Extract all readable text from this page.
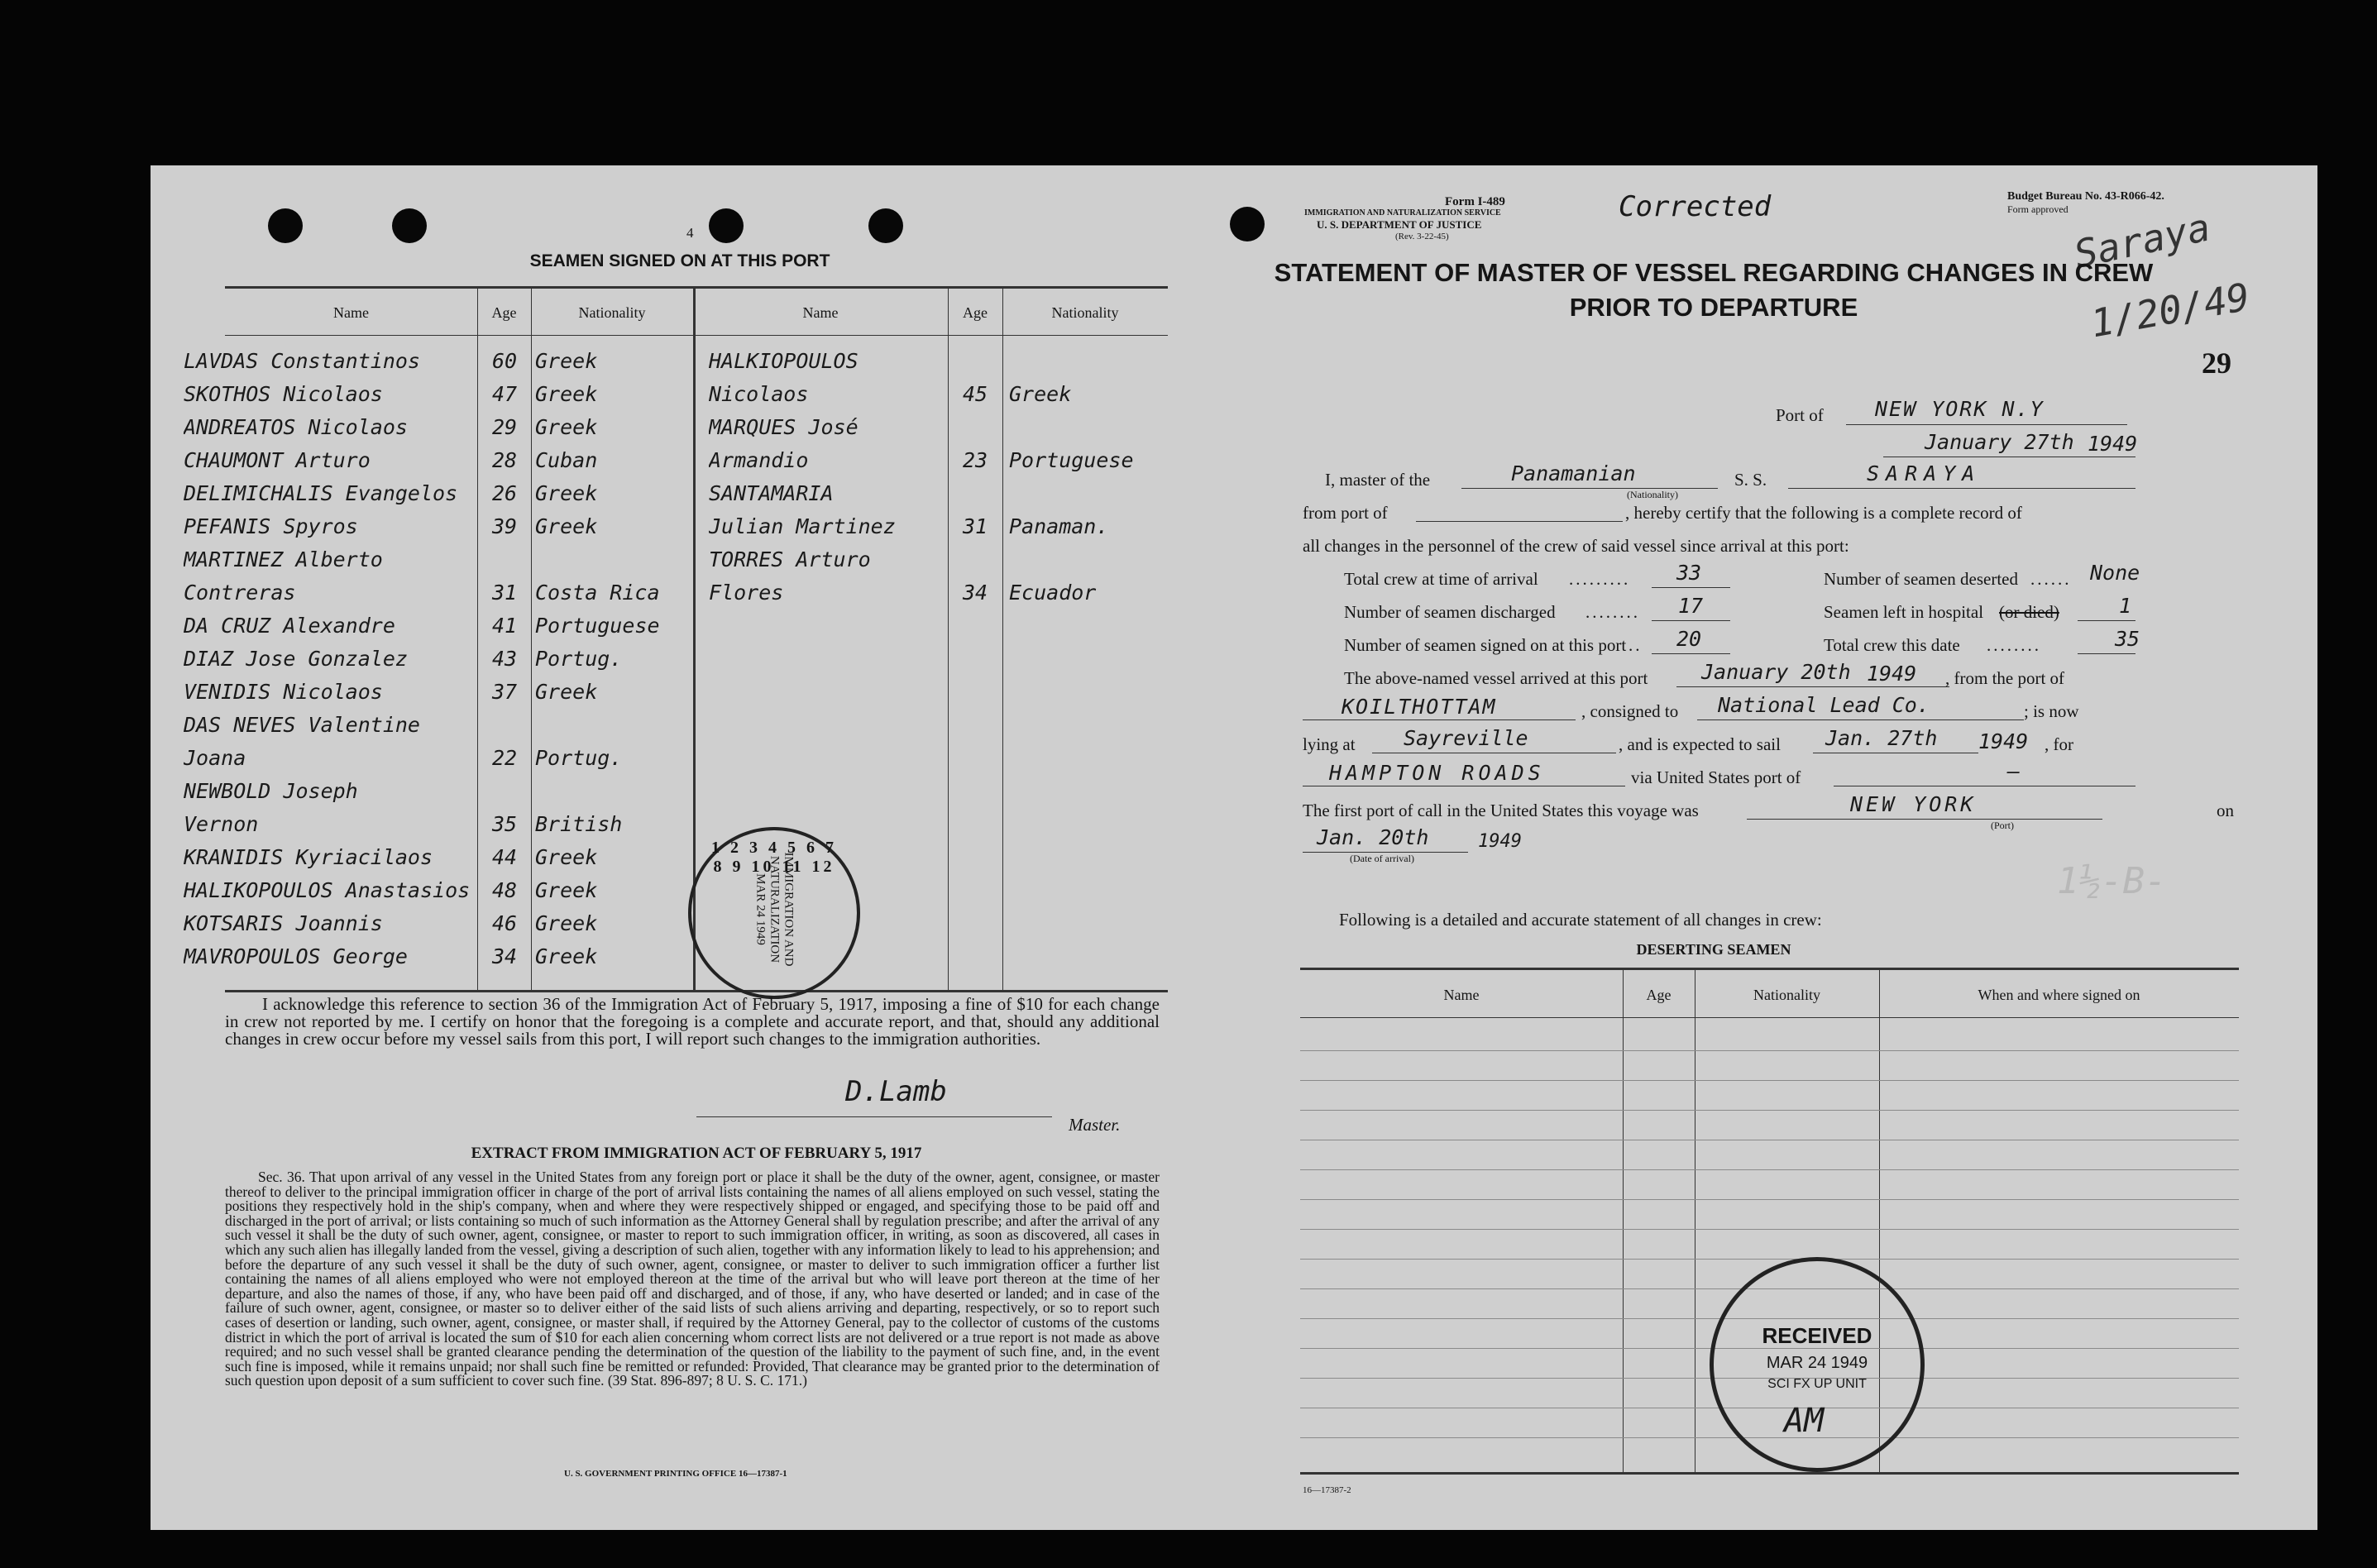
4
SEAMEN SIGNED ON AT THIS PORT
Name	Age	Nationality	Name	Age	Nationality
LAVDAS Constantinos	60 Greek
SKOTHOS Nicolaos	47 Greek
ANDREATOS Nicolaos	29 Greek
CHAUMONT Arturo	28 Cuban
DELIMICHALIS Evangelos	26 Greek
PEFANIS Spyros	39 Greek
MARTINEZ Alberto
Contreras	31 Costa Rica
DA CRUZ Alexandre	41 Portuguese
DIAZ Jose Gonzalez	43 Portug.
VENIDIS Nicolaos	37 Greek
DAS NEVES Valentine
Joana	22 Portug.
NEWBOLD Joseph
Vernon	35 British
KRANIDIS Kyriacilaos	44 Greek
HALIKOPOULOS Anastasios	48 Greek
KOTSARIS Joannis	46 Greek
MAVROPOULOS George	34 Greek
HALKIOPOULOS
Nicolaos	45	Greek
MARQUES José
Armandio	23	Portuguese
SANTAMARIA
Julian Martinez	31	Panaman.
TORRES Arturo
Flores	34	Ecuador
1 2 3 4 5 6 7 8 9 10 11 12
IMMIGRATION AND NATURALIZATION MAR 24 1949
I acknowledge this reference to section 36 of the Immigration Act of February 5, 1917, imposing a fine of $10 for each change in crew not reported by me. I certify on honor that the foregoing is a complete and accurate report, and that, should any additional changes in crew occur before my vessel sails from this port, I will report such changes to the immigration authorities.
D.Lamb
Master.
EXTRACT FROM IMMIGRATION ACT OF FEBRUARY 5, 1917
Sec. 36. That upon arrival of any vessel in the United States from any foreign port or place it shall be the duty of the owner, agent, consignee, or master thereof to deliver to the principal immigration officer in charge of the port of arrival lists containing the names of all aliens employed on such vessel, stating the positions they respectively hold in the ship's company, when and where they were respectively shipped or engaged, and specifying those to be paid off and discharged in the port of arrival; or lists containing so much of such information as the Attorney General shall by regulation prescribe; and after the arrival of any such vessel it shall be the duty of such owner, agent, consignee, or master to report to such immigration officer, in writing, as soon as discovered, all cases in which any such alien has illegally landed from the vessel, giving a description of such alien, together with any information likely to lead to his apprehension; and before the departure of any such vessel it shall be the duty of such owner, agent, consignee, or master to deliver to such immigration officer a further list containing the names of all aliens employed who were not employed thereon at the time of the arrival but who will leave port thereon at the time of her departure, and also the names of those, if any, who have been paid off and discharged, and of those, if any, who have deserted or landed; and in case of the failure of such owner, agent, consignee, or master so to deliver either of the said lists of such aliens arriving and departing, respectively, or so to report such cases of desertion or landing, such owner, agent, consignee, or master shall, if required by the Attorney General, pay to the collector of customs of the customs district in which the port of arrival is located the sum of $10 for each alien concerning whom correct lists are not delivered or a true report is not made as above required; and no such vessel shall be granted clearance pending the determination of the question of the liability to the payment of such fine, and, in the event such fine is imposed, while it remains unpaid; nor shall such fine be remitted or refunded: Provided, That clearance may be granted prior to the determination of such question upon deposit of a sum sufficient to cover such fine. (39 Stat. 896-897; 8 U. S. C. 171.)
U. S. GOVERNMENT PRINTING OFFICE 16—17387-1
Form I-489
IMMIGRATION AND NATURALIZATION SERVICE
U. S. DEPARTMENT OF JUSTICE
(Rev. 3-22-45)
Corrected	Budget Bureau No. 43-R066-42.
Form approved Saraya
1/20/49
STATEMENT OF MASTER OF VESSEL REGARDING CHANGES IN CREW
PRIOR TO DEPARTURE
29
Port of NEW YORK N.Y
January 27th 1949
I, master of the	Panamanian
(Nationality)
S. S.	SARAYA
from port of	, hereby certify that the following is a complete record of
all changes in the personnel of the crew of said vessel since arrival at this port:
Total crew at time of arrival ......... 33
Number of seamen discharged ........ 17
Number of seamen signed on at this port .. 20
Number of seamen deserted ...... None
Seamen left in hospital (or died)	1
Total crew this date ........	35
The above-named vessel arrived at this port	January 20th 1949 , from the port of
KOILTHOTTAM	, consigned to National Lead Co.	; is now
lying at Sayreville	, and is expected to sail Jan. 27th 1949 , for
HAMPTON ROADS	via United States port of	—
The first port of call in the United States this voyage was	NEW YORK
(Port)
on
Jan. 20th	1949
(Date of arrival)
1½-B-
Following is a detailed and accurate statement of all changes in crew:
DESERTING SEAMEN
Name	Age	Nationality	When and where signed on
RECEIVED
MAR 24 1949
SCI FX UP UNIT
AM
16—17387-2
